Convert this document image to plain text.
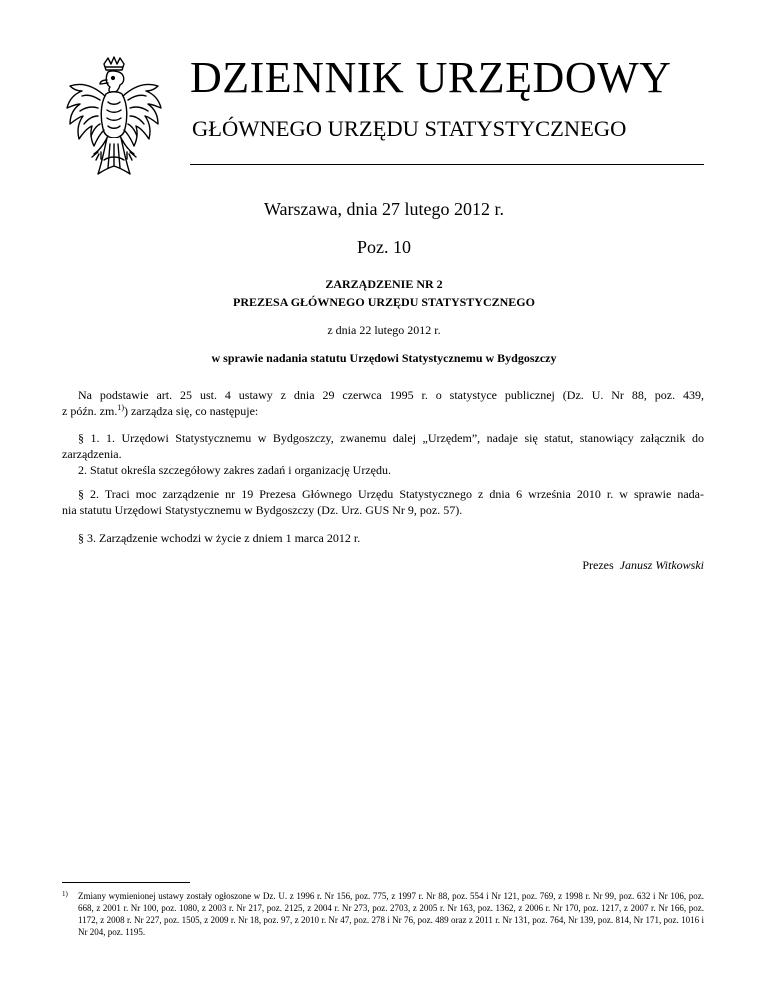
DZIENNIK URZĘDOWY
GŁÓWNEGO URZĘDU STATYSTYCZNEGO
Warszawa, dnia 27 lutego 2012 r.
Poz. 10
ZARZĄDZENIE NR 2
PREZESA GŁÓWNEGO URZĘDU STATYSTYCZNEGO
z dnia 22 lutego 2012 r.
w sprawie nadania statutu Urzędowi Statystycznemu w Bydgoszczy
Na podstawie art. 25 ust. 4 ustawy z dnia 29 czerwca 1995 r. o statystyce publicznej (Dz. U. Nr 88, poz. 439,
z późn. zm.$^{1)}$) zarządza się, co następuje:
§ 1. 1. Urzędowi Statystycznemu w Bydgoszczy, zwanemu dalej „Urzędem”, nadaje się statut, stanowiący załącznik do
zarządzenia.
2. Statut określa szczegółowy zakres zadań i organizację Urzędu.
§ 2. Traci moc zarządzenie nr 19 Prezesa Głównego Urzędu Statystycznego z dnia 6 września 2010 r. w sprawie nada-
nia statutu Urzędowi Statystycznemu w Bydgoszczy (Dz. Urz. GUS Nr 9, poz. 57).
§ 3. Zarządzenie wchodzi w życie z dniem 1 marca 2012 r.
Prezes Janusz Witkowski
1)	Zmiany wymienionej ustawy zostały ogłoszone w Dz. U. z 1996 r. Nr 156, poz. 775, z 1997 r. Nr 88, poz. 554 i Nr 121, poz. 769, z 1998 r. Nr 99, poz. 632 i Nr 106, poz. 668, z 2001 r. Nr 100, poz. 1080, z 2003 r. Nr 217, poz. 2125, z 2004 r. Nr 273, poz. 2703, z 2005 r. Nr 163, poz. 1362, z 2006 r. Nr 170, poz. 1217, z 2007 r. Nr 166, poz. 1172, z 2008 r. Nr 227, poz. 1505, z 2009 r. Nr 18, poz. 97, z 2010 r. Nr 47, poz. 278 i Nr 76, poz. 489 oraz z 2011 r. Nr 131, poz. 764, Nr 139, poz. 814, Nr 171, poz. 1016 i Nr 204, poz. 1195.
